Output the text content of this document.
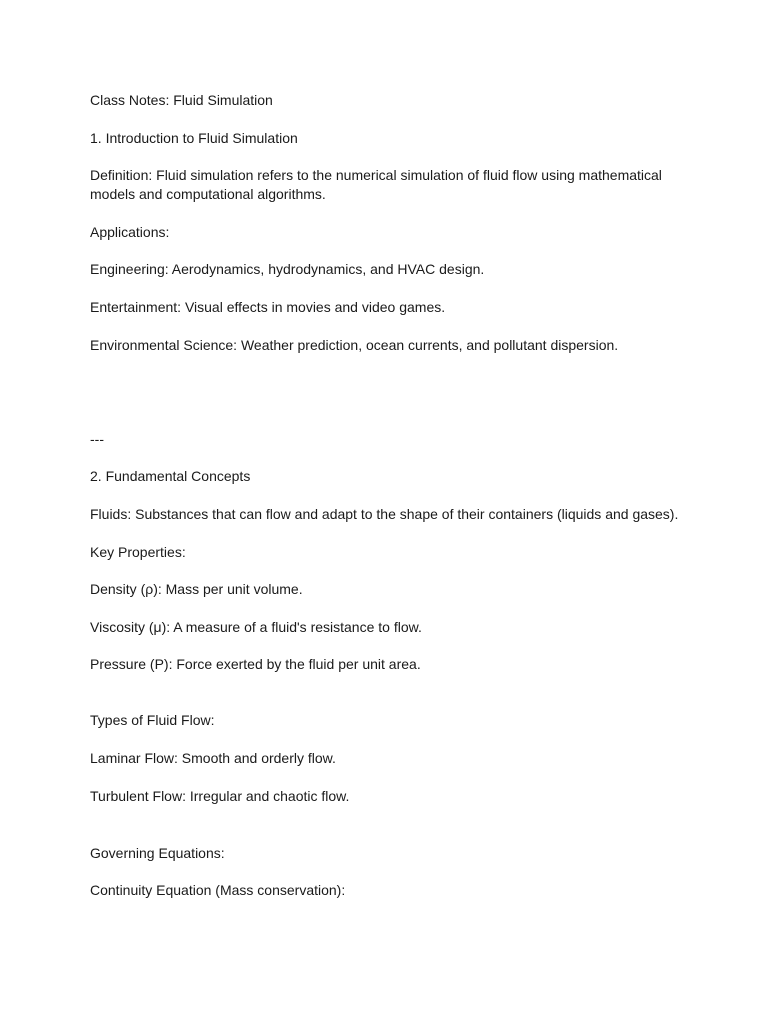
Class Notes: Fluid Simulation

1. Introduction to Fluid Simulation

Definition: Fluid simulation refers to the numerical simulation of fluid flow using mathematical models and computational algorithms.

Applications:

Engineering: Aerodynamics, hydrodynamics, and HVAC design.

Entertainment: Visual effects in movies and video games.

Environmental Science: Weather prediction, ocean currents, and pollutant dispersion.

---

2. Fundamental Concepts

Fluids: Substances that can flow and adapt to the shape of their containers (liquids and gases).

Key Properties:

Density (ρ): Mass per unit volume.

Viscosity (μ): A measure of a fluid's resistance to flow.

Pressure (P): Force exerted by the fluid per unit area.

Types of Fluid Flow:

Laminar Flow: Smooth and orderly flow.

Turbulent Flow: Irregular and chaotic flow.

Governing Equations:

Continuity Equation (Mass conservation):
